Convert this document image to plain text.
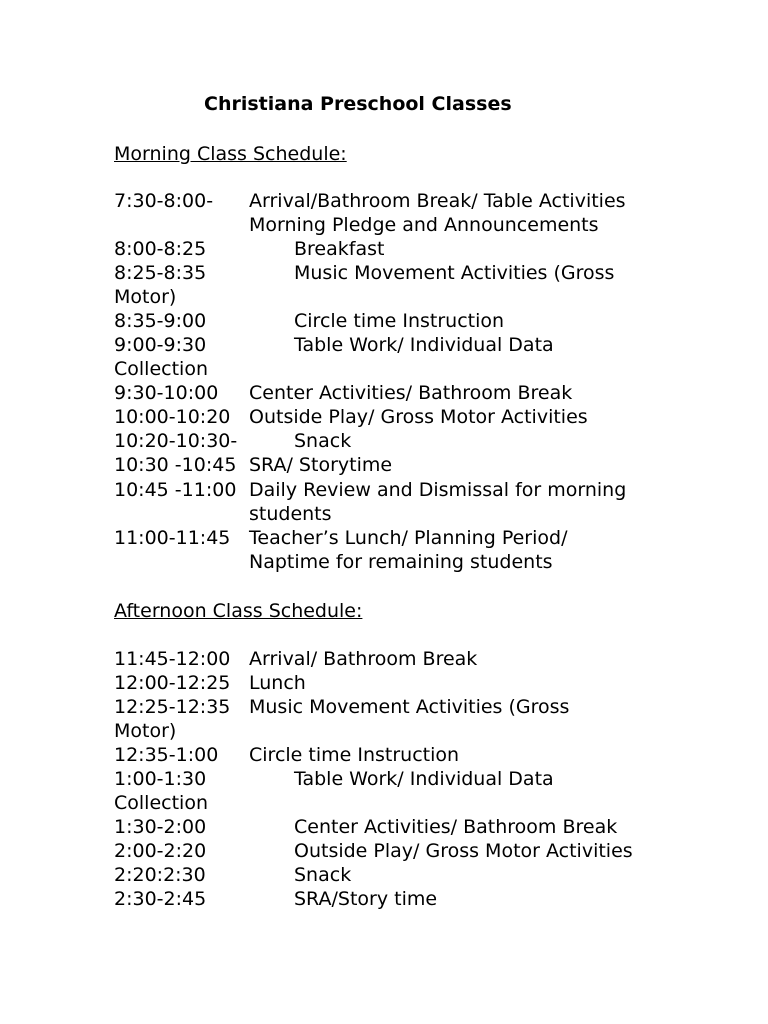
Christiana Preschool Classes
Morning Class Schedule:
7:30-8:00- Arrival/Bathroom Break/ Table Activities
Morning Pledge and Announcements
8:00-8:25	Breakfast
8:25-8:35	Music Movement Activities (Gross
Motor)
8:35-9:00	Circle time Instruction
9:00-9:30	Table Work/ Individual Data
Collection
9:30-10:00 Center Activities/ Bathroom Break
10:00-10:20 Outside Play/ Gross Motor Activities
10:20-10:30-	Snack
10:30 -10:45 SRA/ Storytime
10:45 -11:00 Daily Review and Dismissal for morning
students
11:00-11:45 Teacher’s Lunch/ Planning Period/
Naptime for remaining students
Afternoon Class Schedule:
11:45-12:00 Arrival/ Bathroom Break
12:00-12:25 Lunch
12:25-12:35 Music Movement Activities (Gross
Motor)
12:35-1:00 Circle time Instruction
1:00-1:30	Table Work/ Individual Data
Collection
1:30-2:00	Center Activities/ Bathroom Break
2:00-2:20	Outside Play/ Gross Motor Activities
2:20:2:30	Snack
2:30-2:45	SRA/Story time
